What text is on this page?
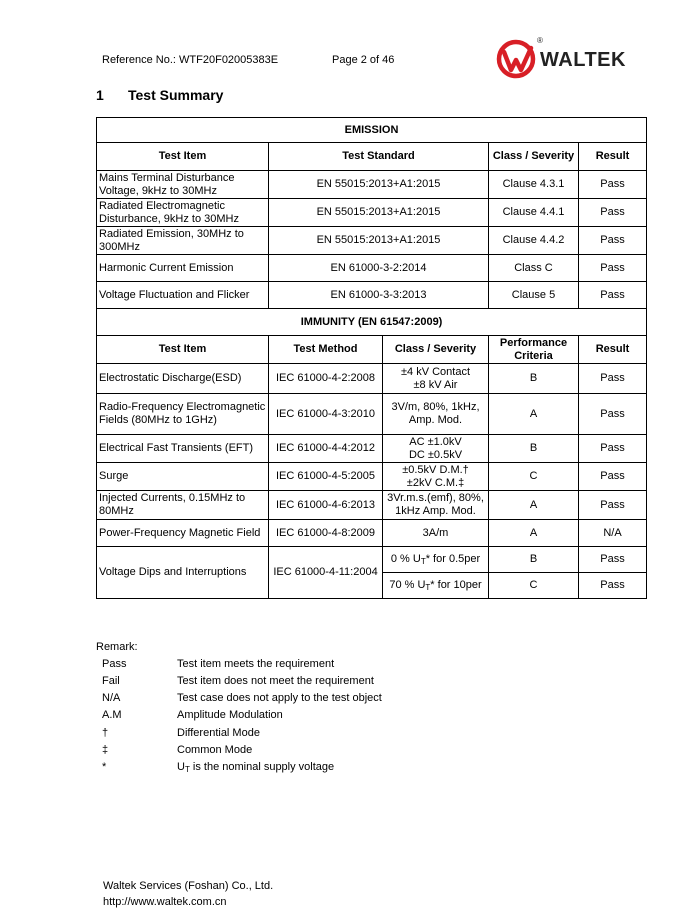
Reference No.: WTF20F02005383E	Page 2 of 46
®
WALTEK
1 Test Summary
EMISSION			
Test Item	Test Standard	Class / Severity	Result
Mains Terminal Disturbance Voltage, 9kHz to 30MHz	EN 55015:2013+A1:2015	Clause 4.3.1	Pass
Radiated Electromagnetic Disturbance, 9kHz to 30MHz	EN 55015:2013+A1:2015	Clause 4.4.1	Pass
Radiated Emission, 30MHz to 300MHz	EN 55015:2013+A1:2015	Clause 4.4.2	Pass
Harmonic Current Emission	EN 61000-3-2:2014	Class C	Pass
Voltage Fluctuation and Flicker	EN 61000-3-3:2013	Clause 5	Pass
IMMUNITY (EN 61547:2009)				
Test Item	Test Method	Class / Severity	Performance Criteria	Result
Electrostatic Discharge(ESD)	IEC 61000-4-2:2008	±4 kV Contact
±8 kV Air	B	Pass
Radio-Frequency Electromagnetic Fields (80MHz to 1GHz)	IEC 61000-4-3:2010	3V/m, 80%, 1kHz,
Amp. Mod.	A	Pass
Electrical Fast Transients (EFT)	IEC 61000-4-4:2012	AC ±1.0kV
DC ±0.5kV	B	Pass
Surge	IEC 61000-4-5:2005	±0.5kV D.M.†
±2kV C.M.‡	C	Pass
Injected Currents, 0.15MHz to 80MHz	IEC 61000-4-6:2013	3Vr.m.s.(emf), 80%,
1kHz Amp. Mod.	A	Pass
Power-Frequency Magnetic Field	IEC 61000-4-8:2009	3A/m	A	N/A
Voltage Dips and Interruptions	IEC 61000-4-11:2004	0 % $U_T*$ for 0.5per	B	Pass
		70 % $U_T*$ for 10per	C	Pass
Remark:
Pass	Test item meets the requirement
Fail	Test item does not meet the requirement
N/A	Test case does not apply to the test object
A.M	Amplitude Modulation
†	Differential Mode
‡	Common Mode
*	$U_T$ is the nominal supply voltage
Waltek Services (Foshan) Co., Ltd.
http://www.waltek.com.cn
